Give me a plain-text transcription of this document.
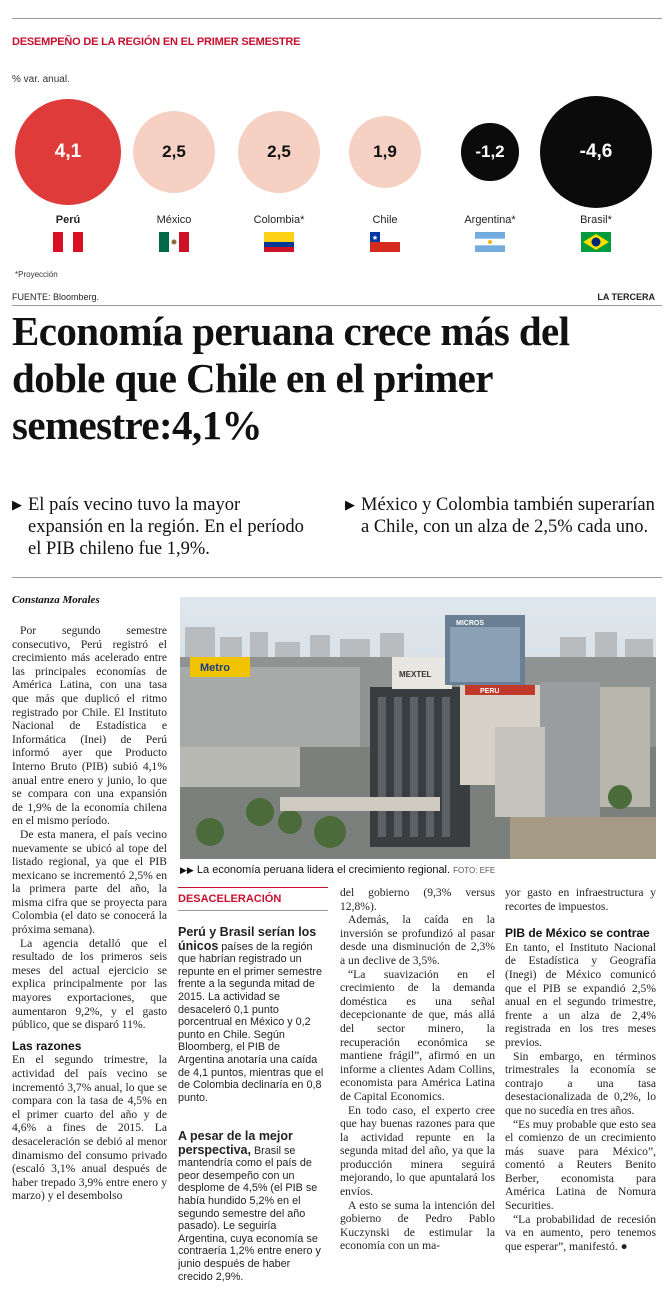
DESEMPEÑO DE LA REGIÓN EN EL PRIMER SEMESTRE
% var. anual.
4,1
Perú
2,5
México
2,5
Colombia*
1,9
Chile
★
-1,2
Argentina*
-4,6
Brasil*
*Proyección
FUENTE: Bloomberg.	LA TERCERA
Economía peruana crece más del doble que Chile en el primer semestre:4,1%
▶ El país vecino tuvo la mayor expansión en la región. En el período el PIB chileno fue 1,9%.
▶ México y Colombia también superarían a Chile, con un alza de 2,5% cada uno.
Constanza Morales

Por segundo semestre consecutivo, Perú registró el crecimiento más acelerado entre las principales economías de América Latina, con una tasa que más que duplicó el ritmo registrado por Chile. El Instituto Nacional de Estadística e Informática (Inei) de Perú informó ayer que Producto Interno Bruto (PIB) subió 4,1% anual entre enero y junio, lo que se compara con una expansión de 1,9% de la economía chilena en el mismo período.

De esta manera, el país vecino nuevamente se ubicó al tope del listado regional, ya que el PIB mexicano se incrementó 2,5% en la primera parte del año, la misma cifra que se proyecta para Colombia (el dato se conocerá la próxima semana).

La agencia detalló que el resultado de los primeros seis meses del actual ejercicio se explica principalmente por las mayores exportaciones, que aumentaron 9,2%, y el gasto público, que se disparó 11%.

Las razones

En el segundo trimestre, la actividad del país vecino se incrementó 3,7% anual, lo que se compara con la tasa de 4,5% en el primer cuarto del año y de 4,6% a fines de 2015. La desaceleración se debió al menor dinamismo del consumo privado (escaló 3,1% anual después de haber trepado 3,9% entre enero y marzo) y el desembolso

Metro
MEXTEL
MICROS
PERU
▶▶ La economía peruana lidera el crecimiento regional. FOTO: EFE
DESACELERACIÓN
Perú y Brasil serían los únicos países de la región que habrían registrado un repunte en el primer semestre frente a la segunda mitad de 2015. La actividad se desaceleró 0,1 punto porcentrual en México y 0,2 punto en Chile. Según Bloomberg, el PIB de Argentina anotaría una caída de 4,1 puntos, mientras que el de Colombia declinaría en 0,8 punto.
A pesar de la mejor perspectiva, Brasil se mantendría como el país de peor desempeño con un desplome de 4,5% (el PIB se había hundido 5,2% en el segundo semestre del año pasado). Le seguiría Argentina, cuya economía se contraería 1,2% entre enero y junio después de haber crecido 2,9%.

del gobierno (9,3% versus 12,8%).

Además, la caída en la inversión se profundizó al pasar desde una disminución de 2,3% a un declive de 3,5%.

“La suavización en el crecimiento de la demanda doméstica es una señal decepcionante de que, más allá del sector minero, la recuperación económica se mantiene frágil”, afirmó en un informe a clientes Adam Collins, economista para América Latina de Capital Economics.

En todo caso, el experto cree que hay buenas razones para que la actividad repunte en la segunda mitad del año, ya que la producción minera seguirá mejorando, lo que apuntalará los envíos.

A esto se suma la intención del gobierno de Pedro Pablo Kuczynski de estimular la economía con un ma-

yor gasto en infraestructura y recortes de impuestos.

PIB de México se contrae

En tanto, el Instituto Nacional de Estadística y Geografía (Inegi) de México comunicó que el PIB se expandió 2,5% anual en el segundo trimestre, frente a un alza de 2,4% registrada en los tres meses previos.

Sin embargo, en términos trimestrales la economía se contrajo a una tasa desestacionalizada de 0,2%, lo que no sucedía en tres años.

“Es muy probable que esto sea el comienzo de un crecimiento más suave para México”, comentó a Reuters Benito Berber, economista para América Latina de Nomura Securities.

“La probabilidad de recesión va en aumento, pero tenemos que esperar”, manifestó. ●
